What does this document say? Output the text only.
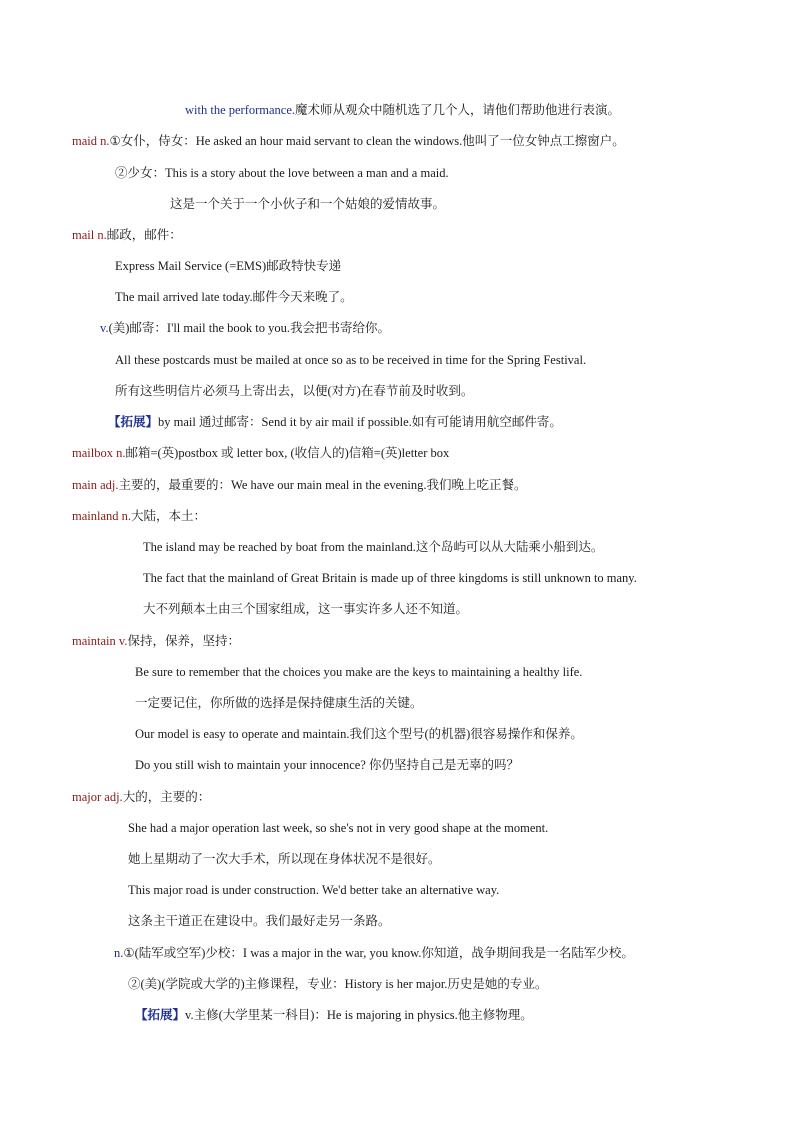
with the performance.魔术师从观众中随机选了几个人，请他们帮助他进行表演。
maid n.①女仆，侍女：He asked an hour maid servant to clean the windows.他叫了一位女钟点工擦窗户。
②少女：This is a story about the love between a man and a maid.
这是一个关于一个小伙子和一个姑娘的爱情故事。
mail n.邮政，邮件：
Express Mail Service (=EMS)邮政特快专递
The mail arrived late today.邮件今天来晚了。
v.(美)邮寄：I'll mail the book to you.我会把书寄给你。
All these postcards must be mailed at once so as to be received in time for the Spring Festival.
所有这些明信片必须马上寄出去，以便(对方)在春节前及时收到。
【拓展】by mail 通过邮寄：Send it by air mail if possible.如有可能请用航空邮件寄。
mailbox n.邮箱=(英)postbox 或 letter box, (收信人的)信箱=(英)letter box
main adj.主要的，最重要的：We have our main meal in the evening.我们晚上吃正餐。
mainland n.大陆，本土：
The island may be reached by boat from the mainland.这个岛屿可以从大陆乘小船到达。
The fact that the mainland of Great Britain is made up of three kingdoms is still unknown to many.
大不列颠本土由三个国家组成，这一事实许多人还不知道。
maintain v.保持，保养，坚持：
Be sure to remember that the choices you make are the keys to maintaining a healthy life.
一定要记住，你所做的选择是保持健康生活的关键。
Our model is easy to operate and maintain.我们这个型号(的机器)很容易操作和保养。
Do you still wish to maintain your innocence? 你仍坚持自己是无辜的吗？
major adj.大的，主要的：
She had a major operation last week, so she's not in very good shape at the moment.
她上星期动了一次大手术，所以现在身体状况不是很好。
This major road is under construction. We'd better take an alternative way.
这条主干道正在建设中。我们最好走另一条路。
n.①(陆军或空军)少校：I was a major in the war, you know.你知道，战争期间我是一名陆军少校。
②(美)(学院或大学的)主修课程，专业：History is her major.历史是她的专业。
【拓展】v.主修(大学里某一科目)：He is majoring in physics.他主修物理。
